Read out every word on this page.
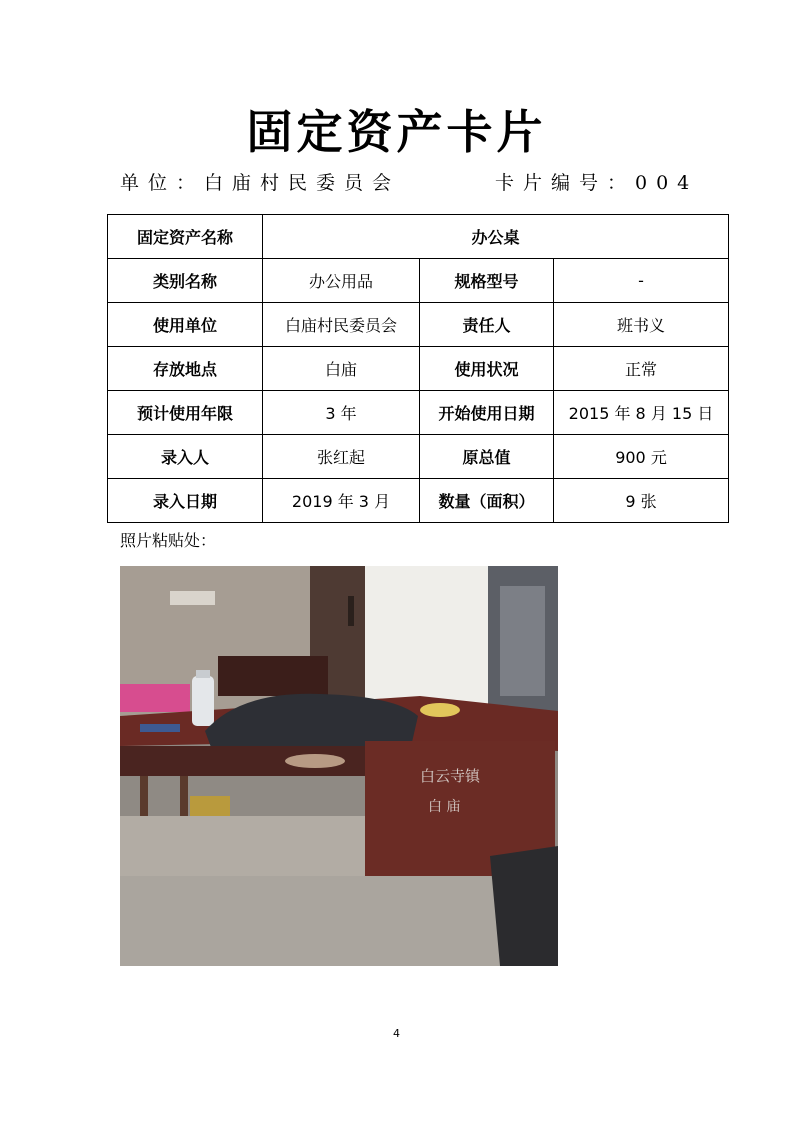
固定资产卡片
单位：白庙村民委员会	卡片编号：004
固定资产名称	办公桌		
类别名称	办公用品	规格型号	-
使用单位	白庙村民委员会	责任人	班书义
存放地点	白庙	使用状况	正常
预计使用年限	3 年	开始使用日期	2015 年 8 月 15 日
录入人	张红起	原总值	900 元
录入日期	2019 年 3 月	数量（面积）	9 张
照片粘贴处：
白云寺镇
白 庙
4
